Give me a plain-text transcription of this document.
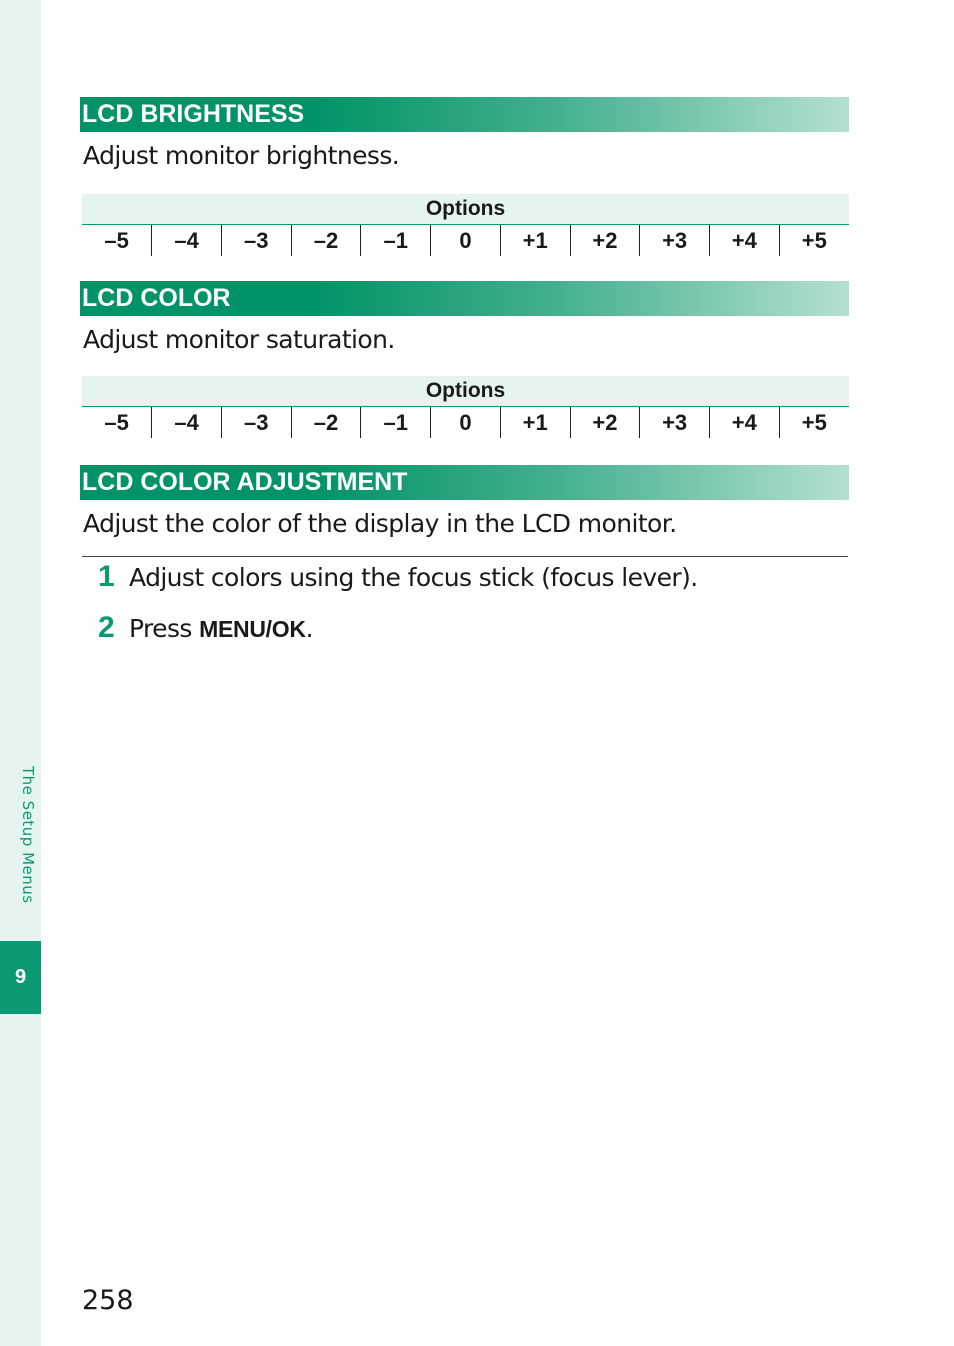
The Setup Menus
9
LCD BRIGHTNESS
Adjust monitor brightness.
Options
–5	–4	–3	–2	–1	0	+1	+2	+3	+4	+5
LCD COLOR
Adjust monitor saturation.
Options
–5	–4	–3	–2	–1	0	+1	+2	+3	+4	+5
LCD COLOR ADJUSTMENT
Adjust the color of the display in the LCD monitor.
1 Adjust colors using the focus stick (focus lever).
2 Press MENU/OK.
258
